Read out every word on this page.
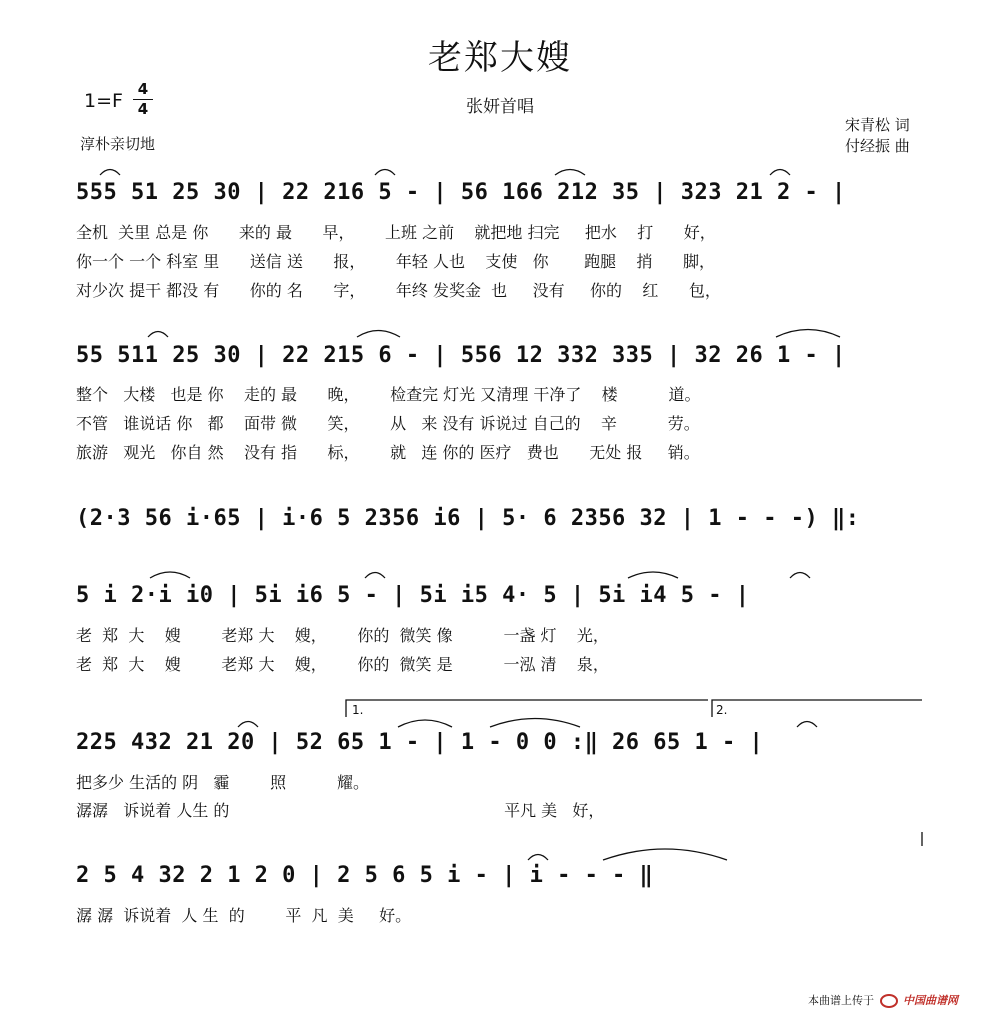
老郑大嫂
1=F
4
4	张妍首唱
淳朴亲切地
宋青松 词
付经振 曲
555 51 25 30 | 22 216 5 - | 56 166 212 35 | 323 21 2 - |
全机  关里 总是 你      来的 最      早，      上班 之前    就把地 扫完     把水    打      好，
你一个 一个 科室 里      送信 送      报，      年轻 人也    支使   你       跑腿    捎      脚，
对少次 提干 都没 有      你的 名      字，      年终 发奖金  也     没有     你的    红      包，
55 511 25 30 | 22 215 6 - | 556 12 332 335 | 32 26 1 - |
整个   大楼   也是 你    走的 最      晚，      检查完 灯光 又清理 干净了    楼          道。
不管   谁说话 你   都    面带 微      笑，      从   来 没有 诉说过 自己的    辛          劳。
旅游   观光   你自 然    没有 指      标，      就   连 你的 医疗   费也      无处 报     销。
(2·3 56 i·65 | i·6 5 2356 i6 | 5· 6 2356 32 | 1 - - -) ‖:
5 i 2·i i0 | 5i i6 5 - | 5i i5 4· 5 | 5i i4 5 - |
老  郑  大    嫂        老郑 大    嫂，      你的  微笑 像          一盏 灯    光，
老  郑  大    嫂        老郑 大    嫂，      你的  微笑 是          一泓 清    泉，
1.	2.
225 432 21 20 | 52 65 1 - | 1 - 0 0 :‖ 26 65 1 - |
把多少 生活的 阴   霾        照          耀。
潺潺   诉说着 人生 的                                                      平凡 美   好，
2 5 4 32 2 1 2 0 | 2 5 6 5 i - | i - - - ‖
潺 潺  诉说着  人 生  的        平  凡  美     好。
本曲谱上传于	中国曲谱网
